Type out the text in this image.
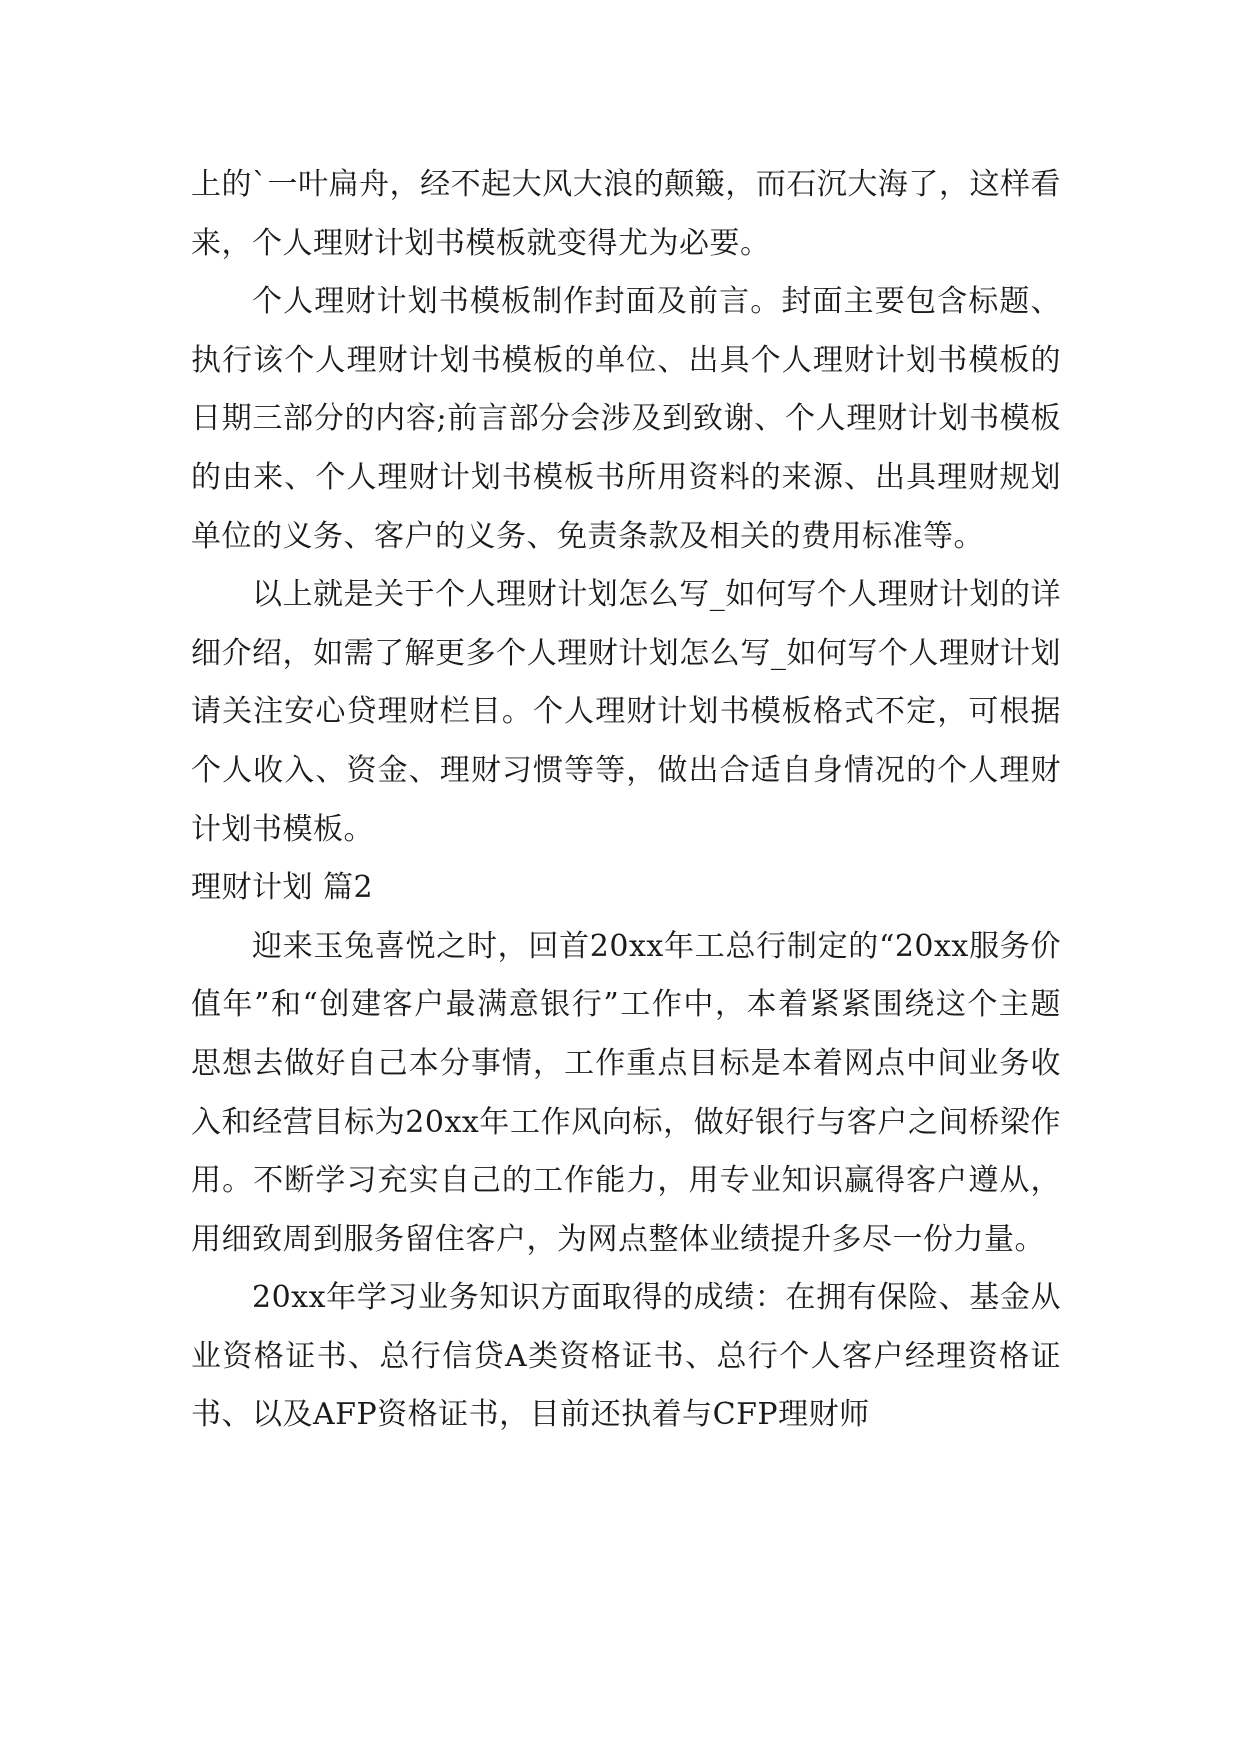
上的`一叶扁舟，经不起大风大浪的颠簸，而石沉大海了，这样看来，个人理财计划书模板就变得尤为必要。

个人理财计划书模板制作封面及前言。封面主要包含标题、执行该个人理财计划书模板的单位、出具个人理财计划书模板的日期三部分的内容;前言部分会涉及到致谢、个人理财计划书模板的由来、个人理财计划书模板书所用资料的来源、出具理财规划单位的义务、客户的义务、免责条款及相关的费用标准等。

以上就是关于个人理财计划怎么写_如何写个人理财计划的详细介绍，如需了解更多个人理财计划怎么写_如何写个人理财计划请关注安心贷理财栏目。个人理财计划书模板格式不定，可根据个人收入、资金、理财习惯等等，做出合适自身情况的个人理财计划书模板。

理财计划 篇2

迎来玉兔喜悦之时，回首20xx年工总行制定的“20xx服务价值年”和“创建客户最满意银行”工作中，本着紧紧围绕这个主题思想去做好自己本分事情，工作重点目标是本着网点中间业务收入和经营目标为20xx年工作风向标，做好银行与客户之间桥梁作用。不断学习充实自己的工作能力，用专业知识赢得客户遵从，用细致周到服务留住客户，为网点整体业绩提升多尽一份力量。

20xx年学习业务知识方面取得的成绩：在拥有保险、基金从业资格证书、总行信贷A类资格证书、总行个人客户经理资格证书、以及AFP资格证书，目前还执着与CFP理财师
